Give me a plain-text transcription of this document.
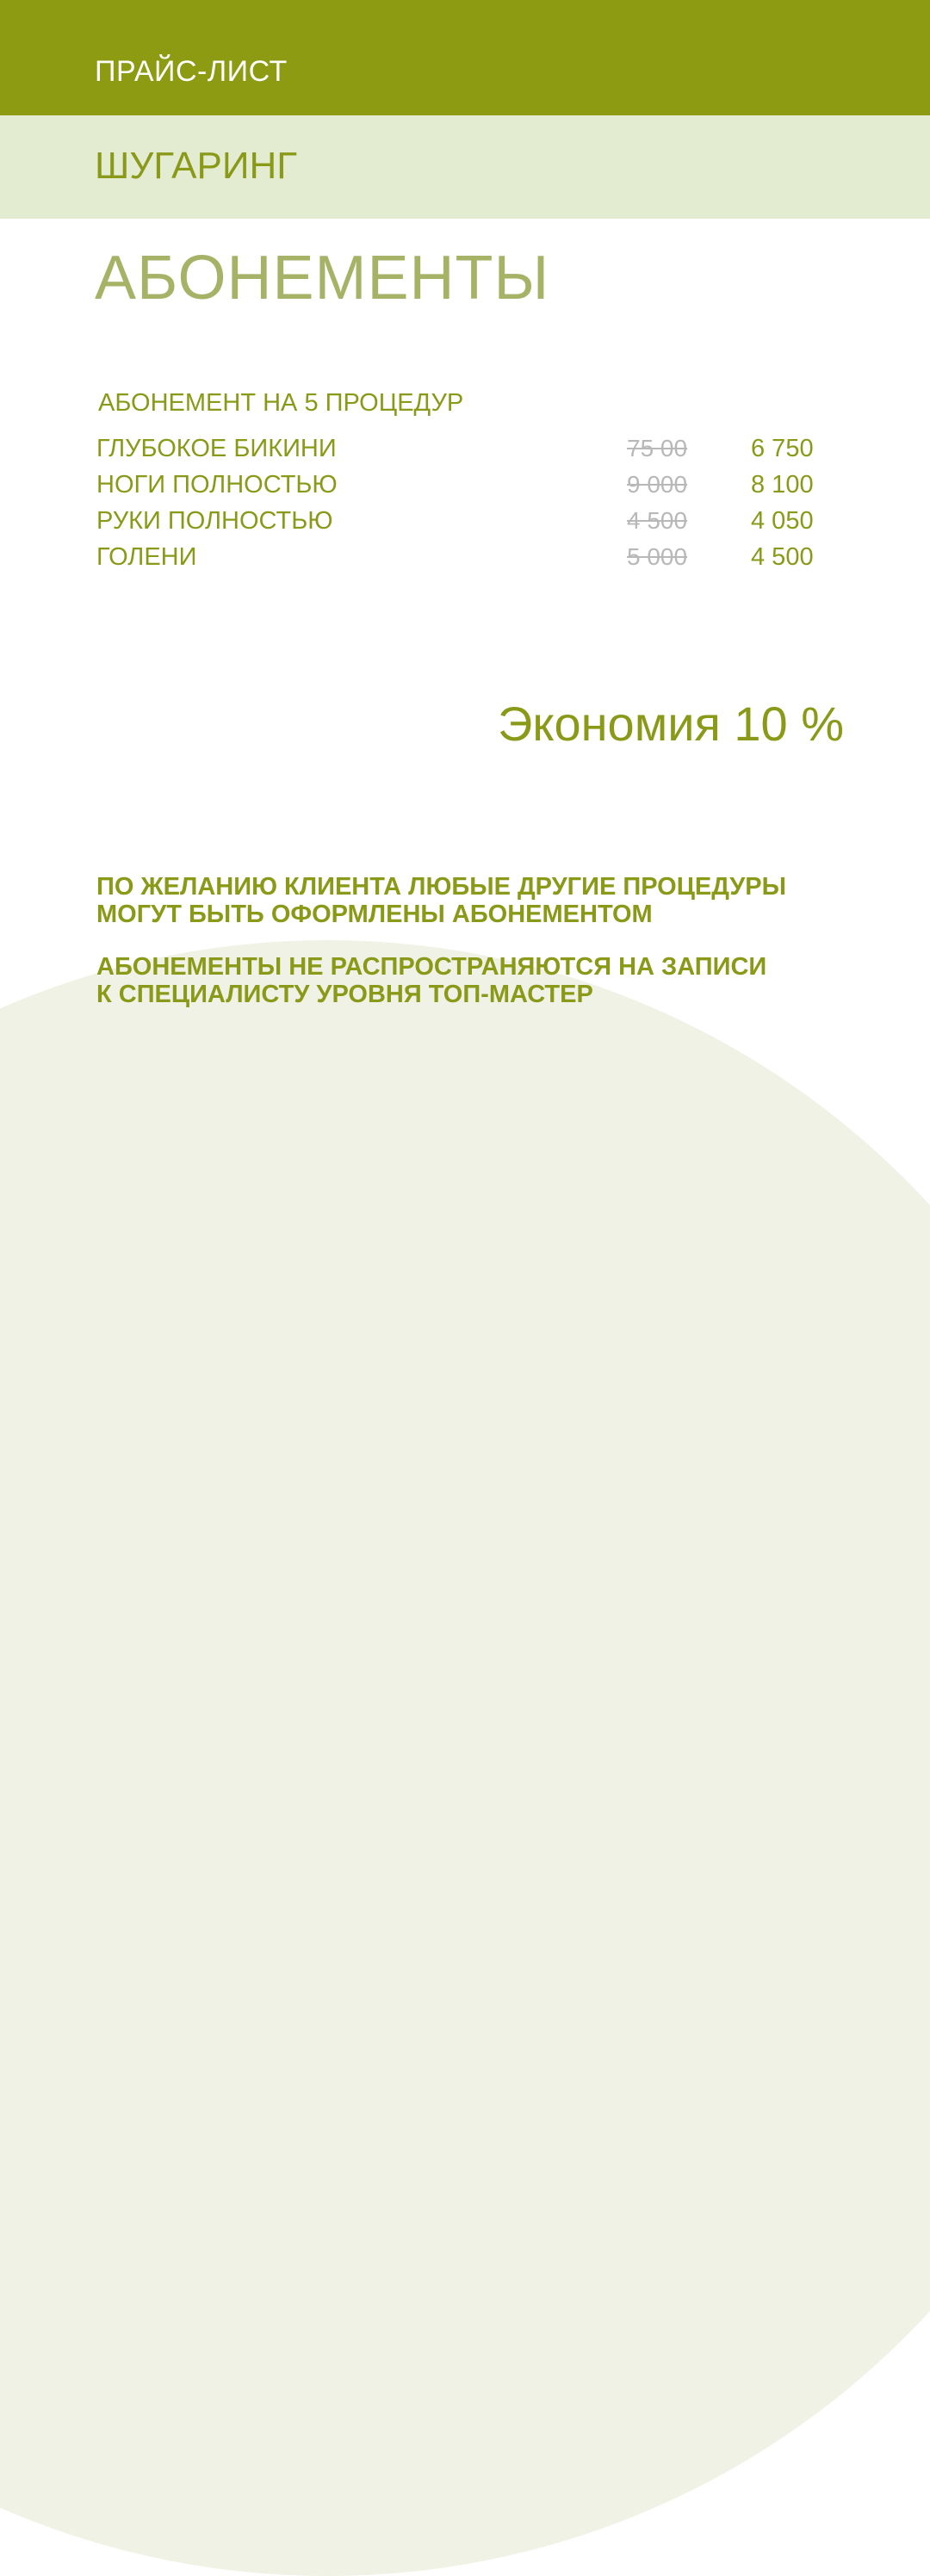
ПРАЙС-ЛИСТ
ШУГАРИНГ
АБОНЕМЕНТЫ
АБОНЕМЕНТ НА 5 ПРОЦЕДУР
ГЛУБОКОЕ БИКИНИ	75 00	6 750
НОГИ ПОЛНОСТЬЮ	9 000	8 100
РУКИ ПОЛНОСТЬЮ	4 500	4 050
ГОЛЕНИ	5 000	4 500
Экономия 10 %
ПО ЖЕЛАНИЮ КЛИЕНТА ЛЮБЫЕ ДРУГИЕ ПРОЦЕДУРЫ
МОГУТ БЫТЬ ОФОРМЛЕНЫ АБОНЕМЕНТОМ
АБОНЕМЕНТЫ НЕ РАСПРОСТРАНЯЮТСЯ НА ЗАПИСИ
К СПЕЦИАЛИСТУ УРОВНЯ ТОП-МАСТЕР
